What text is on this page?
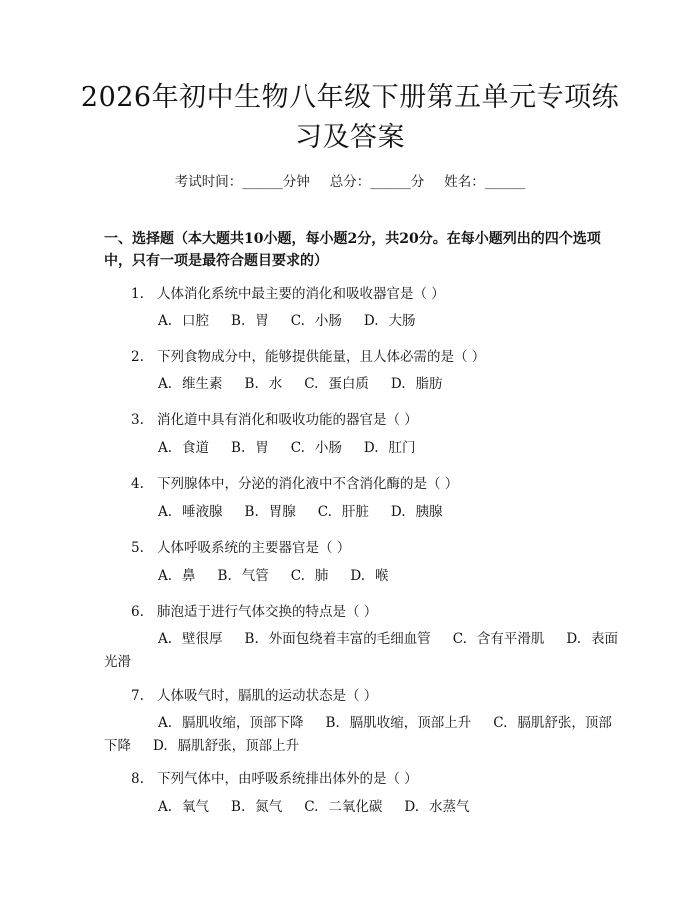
2026年初中生物八年级下册第五单元专项练习及答案
考试时间：______分钟 总分：______分 姓名：______
一、选择题（本大题共10小题，每小题2分，共20分。在每小题列出的四个选项中，只有一项是最符合题目要求的）
1. 人体消化系统中最主要的消化和吸收器官是（ ）
A. 口腔 B. 胃 C. 小肠 D. 大肠
2. 下列食物成分中，能够提供能量，且人体必需的是（ ）
A. 维生素 B. 水 C. 蛋白质 D. 脂肪
3. 消化道中具有消化和吸收功能的器官是（ ）
A. 食道 B. 胃 C. 小肠 D. 肛门
4. 下列腺体中，分泌的消化液中不含消化酶的是（ ）
A. 唾液腺 B. 胃腺 C. 肝脏 D. 胰腺
5. 人体呼吸系统的主要器官是（ ）
A. 鼻 B. 气管 C. 肺 D. 喉
6. 肺泡适于进行气体交换的特点是（ ）
A. 壁很厚 B. 外面包绕着丰富的毛细血管 C. 含有平滑肌 D. 表面光滑
7. 人体吸气时，膈肌的运动状态是（ ）
A. 膈肌收缩，顶部下降 B. 膈肌收缩，顶部上升 C. 膈肌舒张，顶部下降 D. 膈肌舒张，顶部上升
8. 下列气体中，由呼吸系统排出体外的是（ ）
A. 氧气 B. 氮气 C. 二氧化碳 D. 水蒸气
